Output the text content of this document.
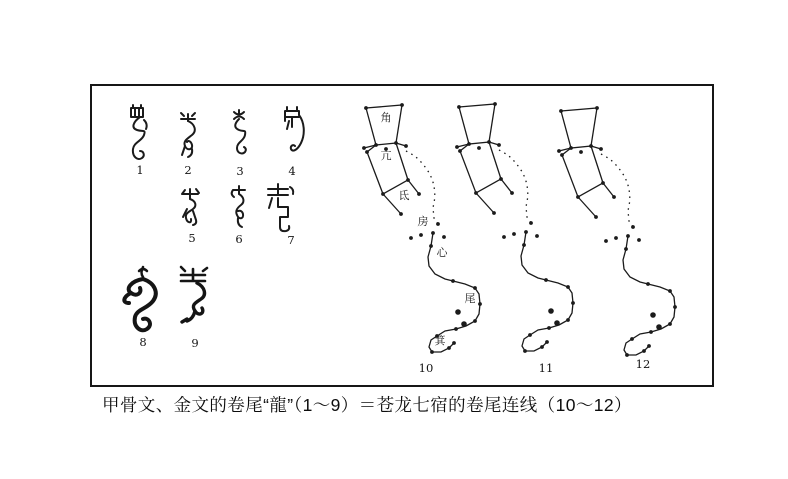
1	2	3	4
5	6	7
8	9
角
亢
氐
房
心
尾
箕
10	11	12
甲骨文、金文的卷尾“龍”（1～9）＝苍龙七宿的卷尾连线（10～12）
